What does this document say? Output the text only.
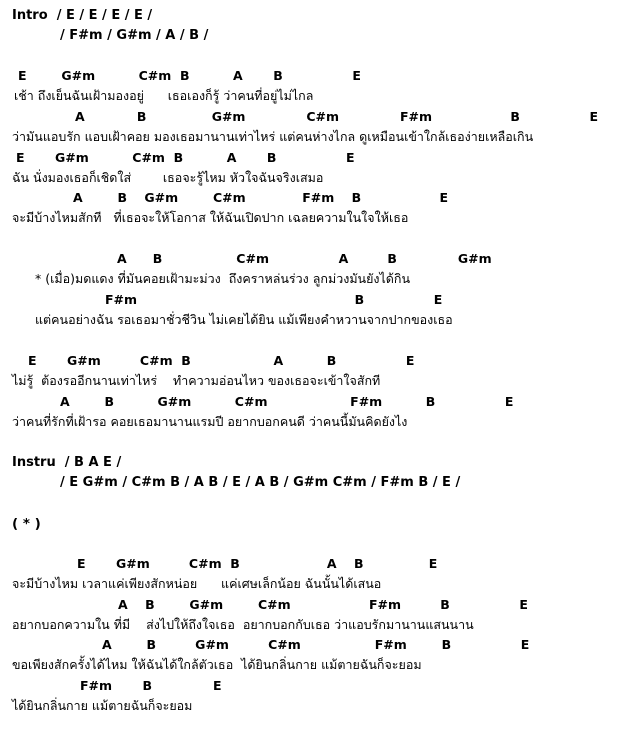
Intro  / E / E / E / E /
/ F#m / G#m / A / B /
E        G#m          C#m  B          A       B                E
เช้า ถึงเย็นฉันเฝ้ามองอยู่      เธอเองก็รู้ ว่าคนที่อยู่ไม่ไกล
A            B               G#m              C#m              F#m                  B                E
ว่ามันแอบรัก แอบเฝ้าคอย มองเธอมานานเท่าไหร่ แต่คนห่างไกล ดูเหมือนเข้าใกล้เธอง่ายเหลือเกิน
E       G#m          C#m  B          A       B                E
ฉัน นั่งมองเธอก็เชิดใส่        เธอจะรู้ไหม หัวใจฉันจริงเสมอ
A        B    G#m        C#m             F#m    B                  E
จะมีบ้างไหมสักที   ที่เธอจะให้โอกาส ให้ฉันเปิดปาก เฉลยความในใจให้เธอ
A      B                 C#m                A         B              G#m
* (เมื่อ)มดแดง ที่มันคอยเฝ้ามะม่วง  ถึงคราหล่นร่วง ลูกม่วงมันยังได้กิน
F#m                                                  B                E
แต่คนอย่างฉัน รอเธอมาชั่วชีวิน ไม่เคยได้ยิน แม้เพียงคำหวานจากปากของเธอ
E       G#m         C#m  B                   A          B                E
ไม่รู้  ต้องรออีกนานเท่าไหร่    ทำความอ่อนไหว ของเธอจะเข้าใจสักที
A        B          G#m          C#m                   F#m          B                E
ว่าคนที่รักที่เฝ้ารอ คอยเธอมานานแรมปี อยากบอกคนดี ว่าคนนี้มันคิดยังไง
Instru  / B A E /
/ E G#m / C#m B / A B / E / A B / G#m C#m / F#m B / E /
( * )
E       G#m         C#m  B                    A    B               E
จะมีบ้างไหม เวลาแค่เพียงสักหน่อย      แค่เศษเล็กน้อย ฉันนั้นได้เสนอ
A    B        G#m        C#m                  F#m         B                E
อยากบอกความใน ที่มี    ส่งไปให้ถึงใจเธอ  อยากบอกกับเธอ ว่าแอบรักมานานแสนนาน
A        B         G#m         C#m                 F#m        B                E
ขอเพียงสักครั้งได้ไหม ให้ฉันได้ใกล้ตัวเธอ  ได้ยินกลิ่นกาย แม้ตายฉันก็จะยอม
F#m       B              E
ได้ยินกลิ่นกาย แม้ตายฉันก็จะยอม
